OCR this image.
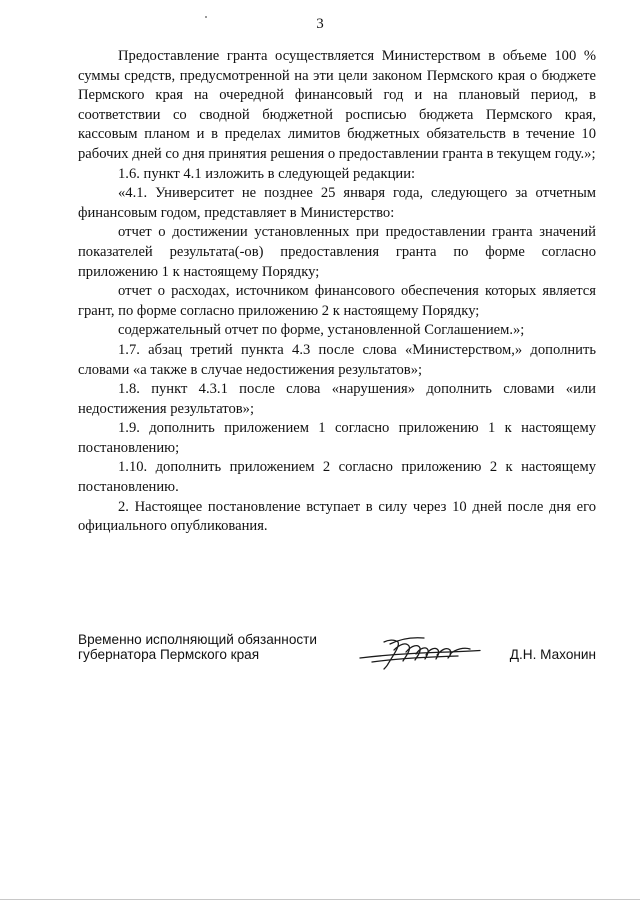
3

Предоставление гранта осуществляется Министерством в объеме 100 % суммы средств, предусмотренной на эти цели законом Пермского края о бюджете Пермского края на очередной финансовый год и на плановый период, в соответствии со сводной бюджетной росписью бюджета Пермского края, кассовым планом и в пределах лимитов бюджетных обязательств в течение 10 рабочих дней со дня принятия решения о предоставлении гранта в текущем году.»;

1.6. пункт 4.1 изложить в следующей редакции:

«4.1. Университет не позднее 25 января года, следующего за отчетным финансовым годом, представляет в Министерство:

отчет о достижении установленных при предоставлении гранта значений показателей результата(-ов) предоставления гранта по форме согласно приложению 1 к настоящему Порядку;

отчет о расходах, источником финансового обеспечения которых является грант, по форме согласно приложению 2 к настоящему Порядку;

содержательный отчет по форме, установленной Соглашением.»;

1.7. абзац третий пункта 4.3 после слова «Министерством,» дополнить словами «а также в случае недостижения результатов»;

1.8. пункт 4.3.1 после слова «нарушения» дополнить словами «или недостижения результатов»;

1.9. дополнить приложением 1 согласно приложению 1 к настоящему постановлению;

1.10. дополнить приложением 2 согласно приложению 2 к настоящему постановлению.

2. Настоящее постановление вступает в силу через 10 дней после дня его официального опубликования.

Временно исполняющий обязанности
губернатора Пермского края	Д.Н. Махонин
